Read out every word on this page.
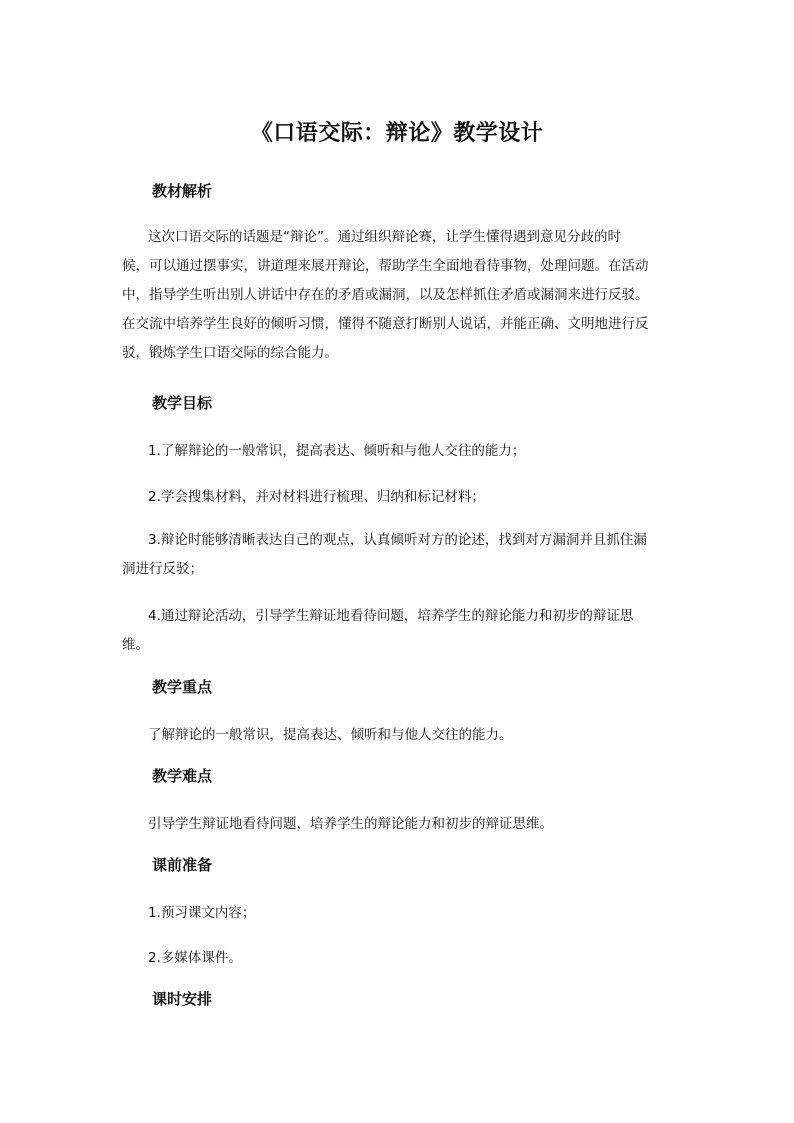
《口语交际：辩论》教学设计
教材解析
这次口语交际的话题是“辩论”。通过组织辩论赛，让学生懂得遇到意见分歧的时
候，可以通过摆事实，讲道理来展开辩论，帮助学生全面地看待事物，处理问题。在活动
中，指导学生听出别人讲话中存在的矛盾或漏洞，以及怎样抓住矛盾或漏洞来进行反驳。
在交流中培养学生良好的倾听习惯，懂得不随意打断别人说话，并能正确、文明地进行反
驳，锻炼学生口语交际的综合能力。
教学目标
1.了解辩论的一般常识，提高表达、倾听和与他人交往的能力；
2.学会搜集材料，并对材料进行梳理、归纳和标记材料；
3.辩论时能够清晰表达自己的观点，认真倾听对方的论述，找到对方漏洞并且抓住漏
洞进行反驳；
4.通过辩论活动，引导学生辩证地看待问题，培养学生的辩论能力和初步的辩证思
维。
教学重点
了解辩论的一般常识，提高表达、倾听和与他人交往的能力。
教学难点
引导学生辩证地看待问题，培养学生的辩论能力和初步的辩证思维。
课前准备
1.预习课文内容；
2.多媒体课件。
课时安排
